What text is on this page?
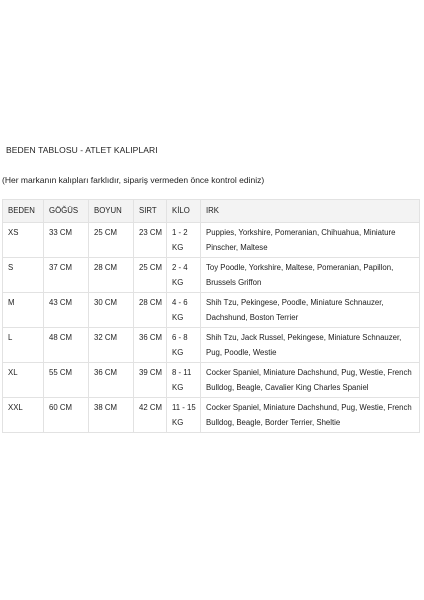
BEDEN TABLOSU - ATLET KALIPLARI
(Her markanın kalıpları farklıdır, sipariş vermeden önce kontrol ediniz)
BEDEN	GÖĞÜS	BOYUN	SIRT	KİLO	IRK
XS	33 CM	25 CM	23 CM	1 - 2 KG	Puppies, Yorkshire, Pomeranian, Chihuahua, Miniature Pinscher, Maltese
S	37 CM	28 CM	25 CM	2 - 4 KG	Toy Poodle, Yorkshire, Maltese, Pomeranian, Papillon, Brussels Griffon
M	43 CM	30 CM	28 CM	4 - 6 KG	Shih Tzu, Pekingese, Poodle, Miniature Schnauzer, Dachshund, Boston Terrier
L	48 CM	32 CM	36 CM	6 - 8 KG	Shih Tzu, Jack Russel, Pekingese, Miniature Schnauzer, Pug, Poodle, Westie
XL	55 CM	36 CM	39 CM	8 - 11 KG	Cocker Spaniel, Miniature Dachshund, Pug, Westie, French Bulldog, Beagle, Cavalier King Charles Spaniel
XXL	60 CM	38 CM	42 CM	11 - 15 KG	Cocker Spaniel, Miniature Dachshund, Pug, Westie, French Bulldog, Beagle, Border Terrier, Sheltie
